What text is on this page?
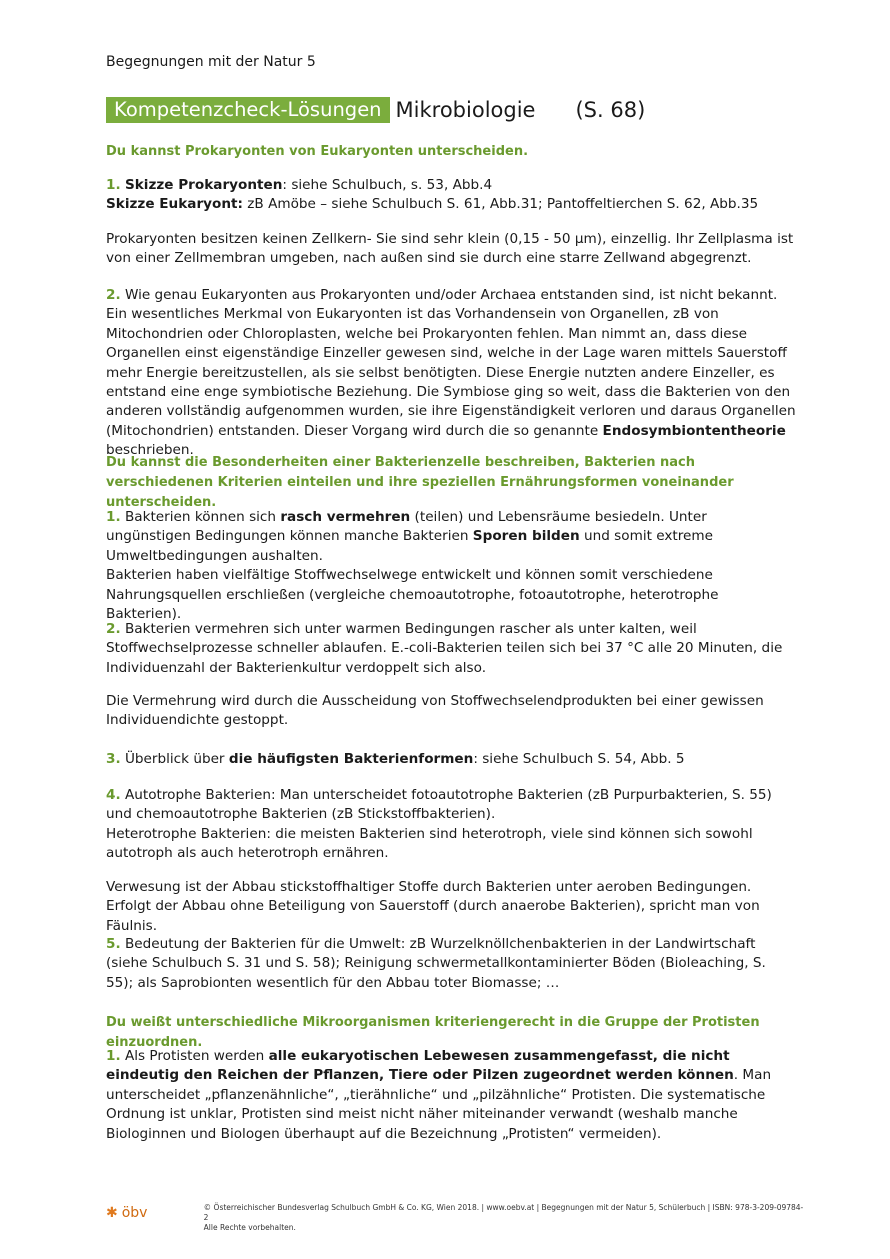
Begegnungen mit der Natur 5
Kompetenzcheck-Lösungen Mikrobiologie (S. 68)
Du kannst Prokaryonten von Eukaryonten unterscheiden.

1. Skizze Prokaryonten: siehe Schulbuch, s. 53, Abb.4

Skizze Eukaryont: zB Amöbe – siehe Schulbuch S. 61, Abb.31; Pantoffeltierchen S. 62, Abb.35

Prokaryonten besitzen keinen Zellkern- Sie sind sehr klein (0,15 - 50 µm), einzellig. Ihr Zellplasma ist von einer Zellmembran umgeben, nach außen sind sie durch eine starre Zellwand abgegrenzt.
2. Wie genau Eukaryonten aus Prokaryonten und/oder Archaea entstanden sind, ist nicht bekannt. Ein wesentliches Merkmal von Eukaryonten ist das Vorhandensein von Organellen, zB von Mitochondrien oder Chloroplasten, welche bei Prokaryonten fehlen. Man nimmt an, dass diese Organellen einst eigenständige Einzeller gewesen sind, welche in der Lage waren mittels Sauerstoff mehr Energie bereitzustellen, als sie selbst benötigten. Diese Energie nutzten andere Einzeller, es entstand eine enge symbiotische Beziehung. Die Symbiose ging so weit, dass die Bakterien von den anderen vollständig aufgenommen wurden, sie ihre Eigenständigkeit verloren und daraus Organellen (Mitochondrien) entstanden. Dieser Vorgang wird durch die so genannte Endosymbiontentheorie beschrieben.
Du kannst die Besonderheiten einer Bakterienzelle beschreiben, Bakterien nach verschiedenen Kriterien einteilen und ihre speziellen Ernährungsformen voneinander unterscheiden.

1. Bakterien können sich rasch vermehren (teilen) und Lebensräume besiedeln. Unter ungünstigen Bedingungen können manche Bakterien Sporen bilden und somit extreme Umweltbedingungen aushalten.

Bakterien haben vielfältige Stoffwechselwege entwickelt und können somit verschiedene Nahrungsquellen erschließen (vergleiche chemoautotrophe, fotoautotrophe, heterotrophe Bakterien).

2. Bakterien vermehren sich unter warmen Bedingungen rascher als unter kalten, weil Stoffwechselprozesse schneller ablaufen. E.-coli-Bakterien teilen sich bei 37 °C alle 20 Minuten, die Individuenzahl der Bakterienkultur verdoppelt sich also.
Die Vermehrung wird durch die Ausscheidung von Stoffwechselendprodukten bei einer gewissen Individuendichte gestoppt.
3. Überblick über die häufigsten Bakterienformen: siehe Schulbuch S. 54, Abb. 5

4. Autotrophe Bakterien: Man unterscheidet fotoautotrophe Bakterien (zB Purpurbakterien, S. 55) und chemoautotrophe Bakterien (zB Stickstoffbakterien).

Heterotrophe Bakterien: die meisten Bakterien sind heterotroph, viele sind können sich sowohl autotroph als auch heterotroph ernähren.

Verwesung ist der Abbau stickstoffhaltiger Stoffe durch Bakterien unter aeroben Bedingungen.

Erfolgt der Abbau ohne Beteiligung von Sauerstoff (durch anaerobe Bakterien), spricht man von Fäulnis.

5. Bedeutung der Bakterien für die Umwelt: zB Wurzelknöllchenbakterien in der Landwirtschaft (siehe Schulbuch S. 31 und S. 58); Reinigung schwermetallkontaminierter Böden (Bioleaching, S. 55); als Saprobionten wesentlich für den Abbau toter Biomasse; …
Du weißt unterschiedliche Mikroorganismen kriteriengerecht in die Gruppe der Protisten einzuordnen.
1. Als Protisten werden alle eukaryotischen Lebewesen zusammengefasst, die nicht eindeutig den Reichen der Pflanzen, Tiere oder Pilzen zugeordnet werden können. Man unterscheidet „pflanzenähnliche“, „tierähnliche“ und „pilzähnliche“ Protisten. Die systematische Ordnung ist unklar, Protisten sind meist nicht näher miteinander verwandt (weshalb manche Biologinnen und Biologen überhaupt auf die Bezeichnung „Protisten“ vermeiden).
✱ öbv	© Österreichischer Bundesverlag Schulbuch GmbH & Co. KG, Wien 2018. | www.oebv.at | Begegnungen mit der Natur 5, Schülerbuch | ISBN: 978-3-209-09784-2
Alle Rechte vorbehalten.
